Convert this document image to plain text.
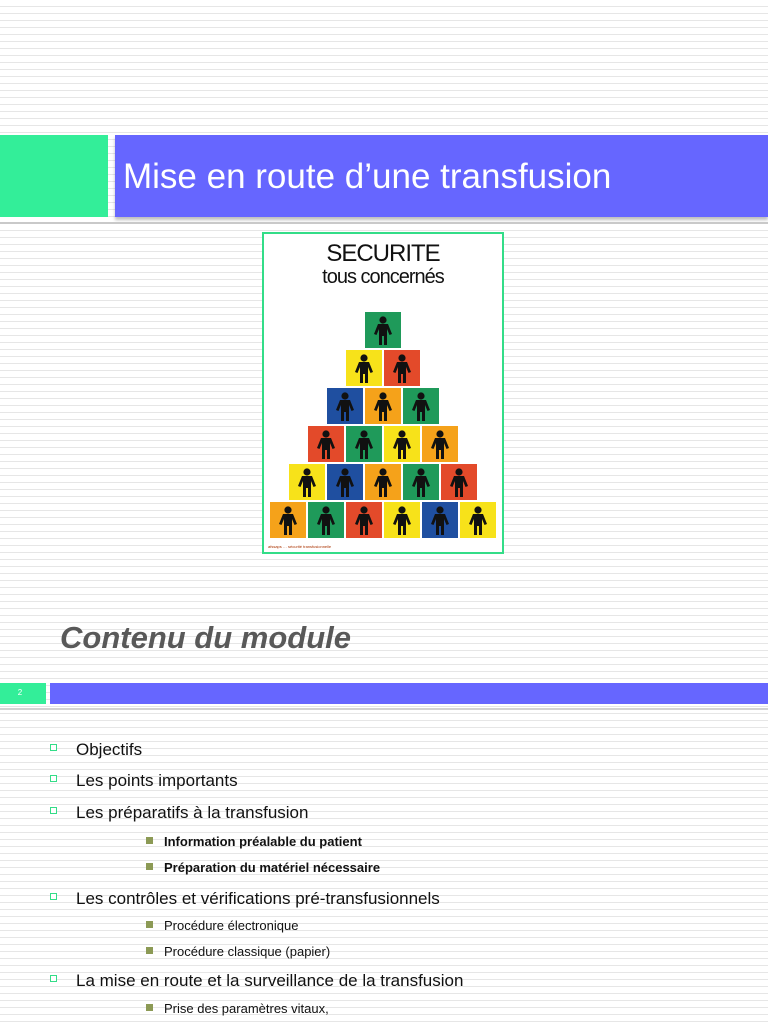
Mise en route d’une transfusion
SECURITE
tous concernés
afssaps … sécurité transfusionnelle
Contenu du module
2
Objectifs
Les points importants
Les préparatifs à la transfusion
Information préalable du patient
Préparation du matériel nécessaire
Les contrôles et vérifications pré-transfusionnels
Procédure électronique
Procédure classique (papier)
La mise en route et la surveillance de la transfusion
Prise des paramètres vitaux,
